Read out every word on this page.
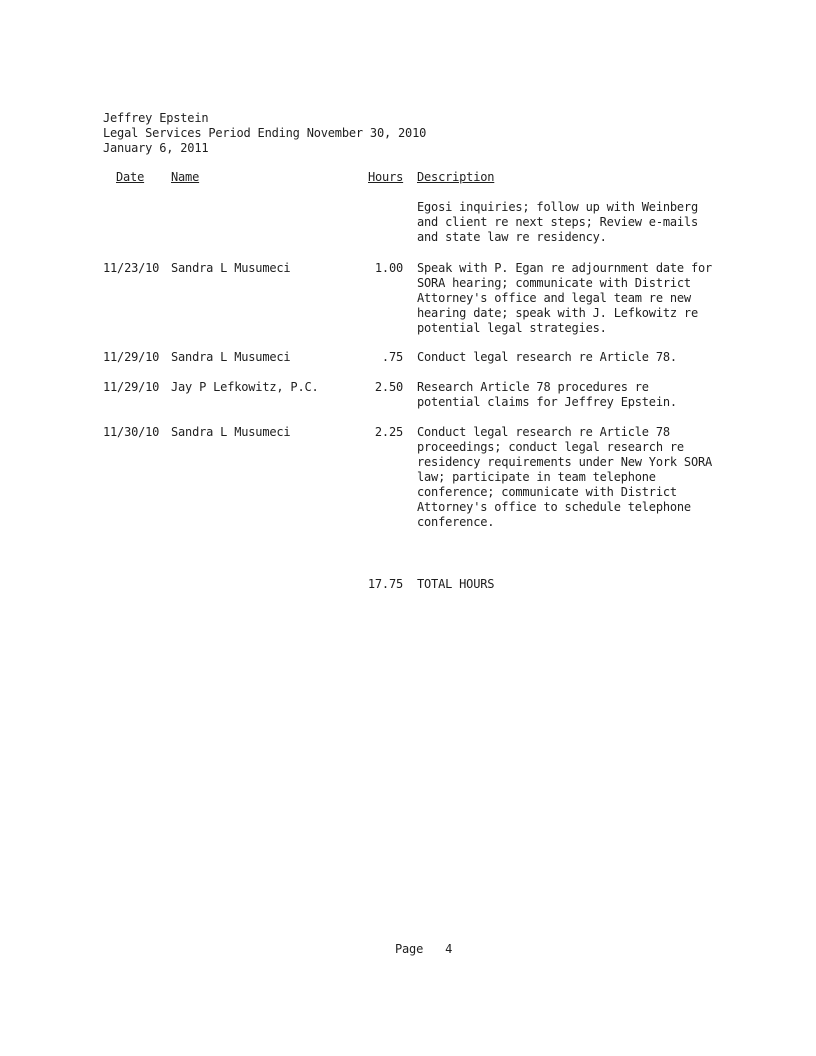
Jeffrey Epstein
Legal Services Period Ending November 30, 2010
January 6, 2011
Date Name	Hours Description
Egosi inquiries; follow up with Weinberg
and client re next steps; Review e-mails
and state law re residency.
11/23/10 Sandra L Musumeci	1.00 Speak with P. Egan re adjournment date for
SORA hearing; communicate with District
Attorney's office and legal team re new
hearing date; speak with J. Lefkowitz re
potential legal strategies.
11/29/10 Sandra L Musumeci	.75 Conduct legal research re Article 78.
11/29/10 Jay P Lefkowitz, P.C.	2.50 Research Article 78 procedures re
potential claims for Jeffrey Epstein.
11/30/10 Sandra L Musumeci	2.25 Conduct legal research re Article 78
proceedings; conduct legal research re
residency requirements under New York SORA
law; participate in team telephone
conference; communicate with District
Attorney's office to schedule telephone
conference.
17.75 TOTAL HOURS
Page 4
